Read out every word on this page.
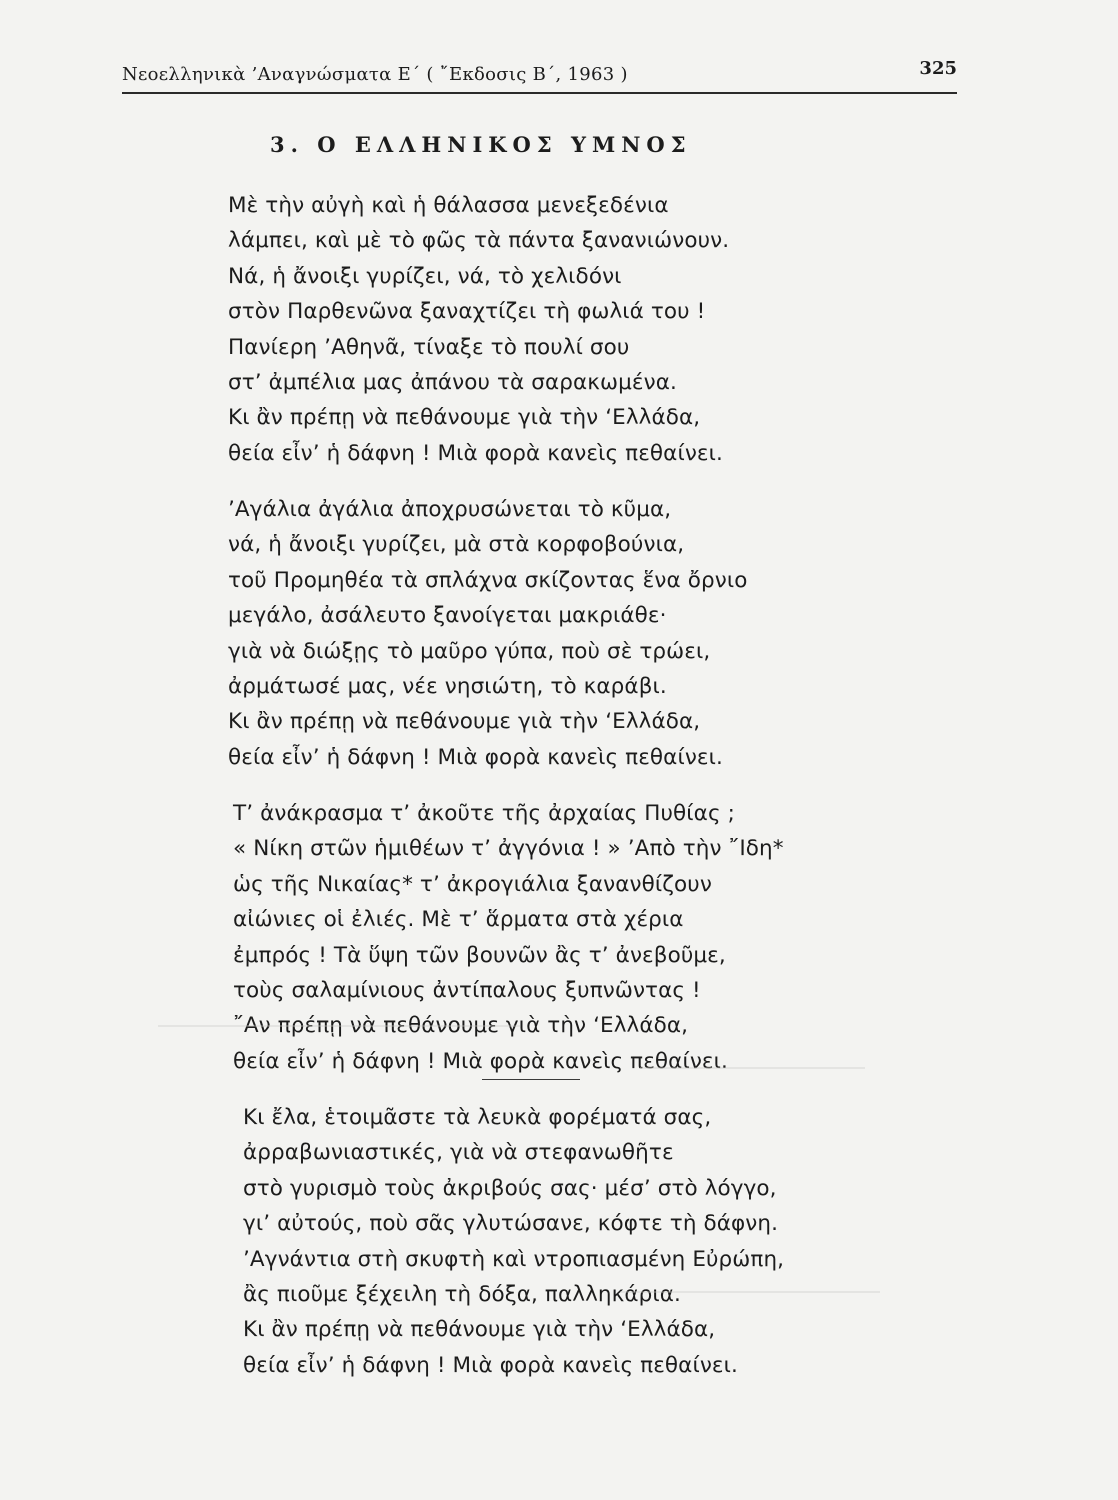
Νεοελληνικὰ ’Αναγνώσματα Ε΄ ( ῎Εκδοσις Β΄, 1963 )	325
3. Ο ΕΛΛΗΝΙΚΟΣ ΥΜΝΟΣ
Μὲ τὴν αὐγὴ καὶ ἡ θάλασσα μενεξεδένια
λάμπει, καὶ μὲ τὸ φῶς τὰ πάντα ξανανιώνουν.
Νά, ἡ ἄνοιξι γυρίζει, νά, τὸ χελιδόνι
στὸν Παρθενῶνα ξαναχτίζει τὴ φωλιά του !
Πανίερη ’Αθηνᾶ, τίναξε τὸ πουλί σου
στ’ ἀμπέλια μας ἀπάνου τὰ σαρακωμένα.
Κι ἂν πρέπῃ νὰ πεθάνουμε γιὰ τὴν ‘Ελλάδα,
θεία εἶν’ ἡ δάφνη ! Μιὰ φορὰ κανεὶς πεθαίνει.
’Αγάλια ἀγάλια ἀποχρυσώνεται τὸ κῦμα,
νά, ἡ ἄνοιξι γυρίζει, μὰ στὰ κορφοβούνια,
τοῦ Προμηθέα τὰ σπλάχνα σκίζοντας ἕνα ὄρνιο
μεγάλο, ἀσάλευτο ξανοίγεται μακριάθε·
γιὰ νὰ διώξῃς τὸ μαῦρο γύπα, ποὺ σὲ τρώει,
ἀρμάτωσέ μας, νέε νησιώτη, τὸ καράβι.
Κι ἂν πρέπῃ νὰ πεθάνουμε γιὰ τὴν ‘Ελλάδα,
θεία εἶν’ ἡ δάφνη ! Μιὰ φορὰ κανεὶς πεθαίνει.
Τ’ ἀνάκρασμα τ’ ἀκοῦτε τῆς ἀρχαίας Πυθίας ;
« Νίκη στῶν ἡμιθέων τ’ ἀγγόνια ! » ’Απὸ τὴν ῎Ιδη*
ὡς τῆς Νικαίας* τ’ ἀκρογιάλια ξανανθίζουν
αἰώνιες οἱ ἐλιές. Μὲ τ’ ἅρματα στὰ χέρια
ἐμπρός ! Τὰ ὕψη τῶν βουνῶν ἂς τ’ ἀνεβοῦμε,
τοὺς σαλαμίνιους ἀντίπαλους ξυπνῶντας !
῎Αν πρέπῃ νὰ πεθάνουμε γιὰ τὴν ‘Ελλάδα,
θεία εἶν’ ἡ δάφνη ! Μιὰ φορὰ κανεὶς πεθαίνει.
Κι ἔλα, ἑτοιμᾶστε τὰ λευκὰ φορέματά σας,
ἀρραβωνιαστικές, γιὰ νὰ στεφανωθῆτε
στὸ γυρισμὸ τοὺς ἀκριβούς σας· μέσ’ στὸ λόγγο,
γι’ αὐτούς, ποὺ σᾶς γλυτώσανε, κόφτε τὴ δάφνη.
’Αγνάντια στὴ σκυφτὴ καὶ ντροπιασμένη Εὐρώπη,
ἂς πιοῦμε ξέχειλη τὴ δόξα, παλληκάρια.
Κι ἂν πρέπῃ νὰ πεθάνουμε γιὰ τὴν ‘Ελλάδα,
θεία εἶν’ ἡ δάφνη ! Μιὰ φορὰ κανεὶς πεθαίνει.
